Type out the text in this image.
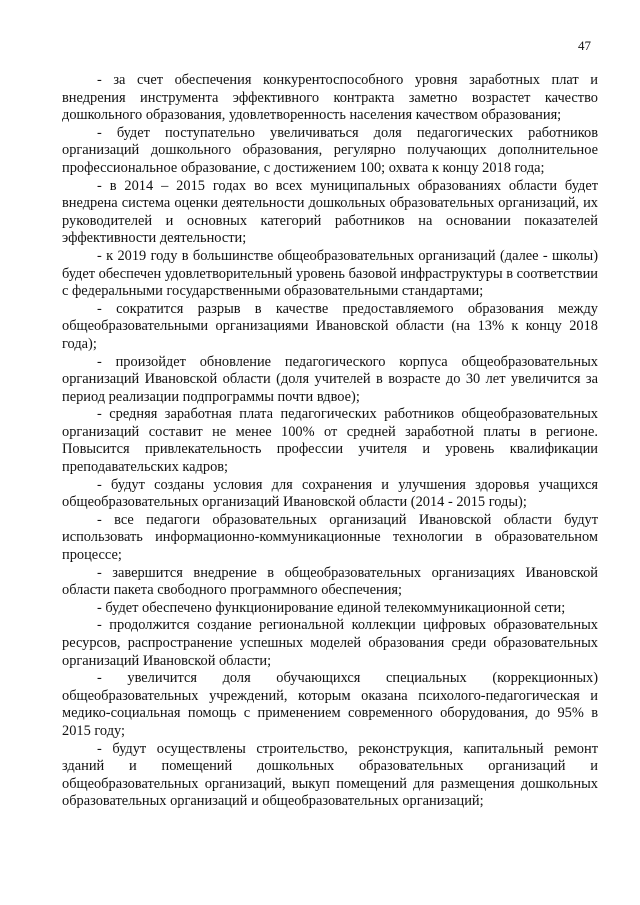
47

- за счет обеспечения конкурентоспособного уровня заработных плат и внедрения инструмента эффективного контракта заметно возрастет качество дошкольного образования, удовлетворенность населения качеством образования;

- будет поступательно увеличиваться доля педагогических работников организаций дошкольного образования, регулярно получающих дополнительное профессиональное образование, с достижением 100; охвата к концу 2018 года;

- в 2014 – 2015 годах во всех муниципальных образованиях области будет внедрена система оценки деятельности дошкольных образовательных организаций, их руководителей и основных категорий работников на основании показателей эффективности деятельности;

- к 2019 году в большинстве общеобразовательных организаций (далее - школы) будет обеспечен удовлетворительный уровень базовой инфраструктуры в соответствии с федеральными государственными образовательными стандартами;

- сократится разрыв в качестве предоставляемого образования между общеобразовательными организациями Ивановской области (на 13% к концу 2018 года);

- произойдет обновление педагогического корпуса общеобразовательных организаций Ивановской области (доля учителей в возрасте до 30 лет увеличится за период реализации подпрограммы почти вдвое);

- средняя заработная плата педагогических работников общеобразовательных организаций составит не менее 100% от средней заработной платы в регионе. Повысится привлекательность профессии учителя и уровень квалификации преподавательских кадров;

- будут созданы условия для сохранения и улучшения здоровья учащихся общеобразовательных организаций Ивановской области (2014 - 2015 годы);

- все педагоги образовательных организаций Ивановской области будут использовать информационно-коммуникационные технологии в образовательном процессе;

- завершится внедрение в общеобразовательных организациях Ивановской области пакета свободного программного обеспечения;

- будет обеспечено функционирование единой телекоммуникационной сети;

- продолжится создание региональной коллекции цифровых образовательных ресурсов, распространение успешных моделей образования среди образовательных организаций Ивановской области;

- увеличится доля обучающихся специальных (коррекционных) общеобразовательных учреждений, которым оказана психолого-педагогическая и медико-социальная помощь с применением современного оборудования, до 95% в 2015 году;

- будут осуществлены строительство, реконструкция, капитальный ремонт зданий и помещений дошкольных образовательных организаций и общеобразовательных организаций, выкуп помещений для размещения дошкольных образовательных организаций и общеобразовательных организаций;
